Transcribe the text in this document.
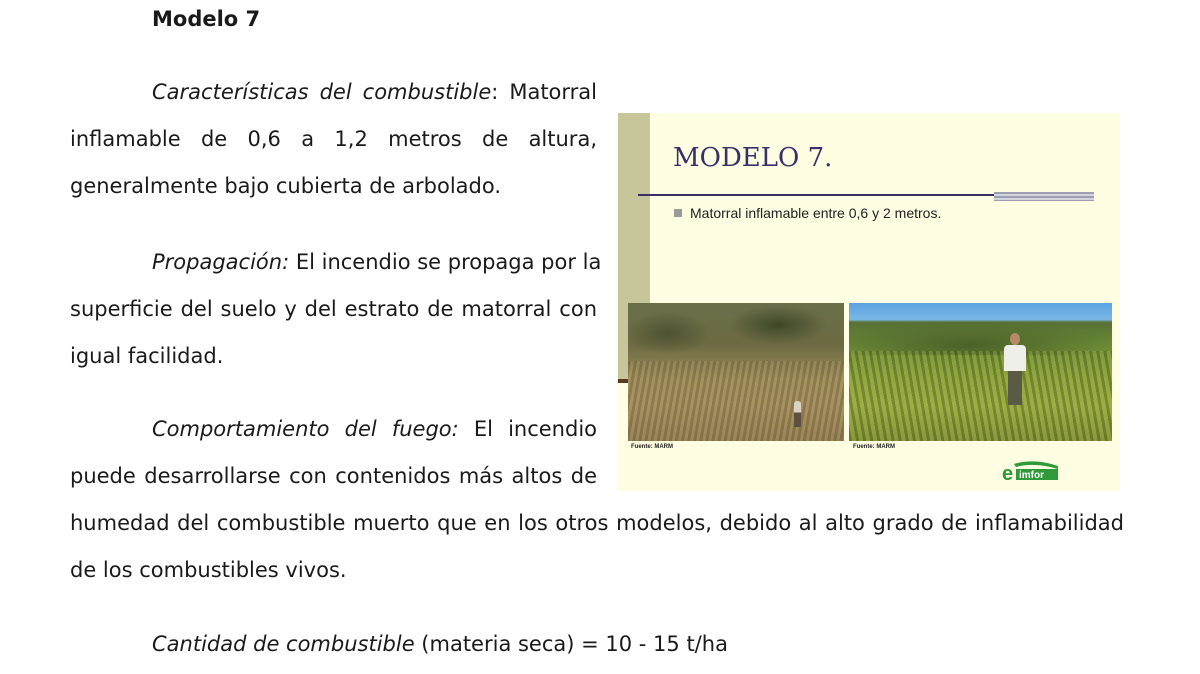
Modelo 7
Características del combustible: Matorral
inflamable de 0,6 a 1,2 metros de altura,
generalmente bajo cubierta de arbolado.
Propagación: El incendio se propaga por la
superficie del suelo y del estrato de matorral con
igual facilidad.
Comportamiento del fuego: El incendio
puede desarrollarse con contenidos más altos de
humedad del combustible muerto que en los otros modelos, debido al alto grado de inflamabilidad
de los combustibles vivos.
Cantidad de combustible (materia seca) = 10 - 15 t/ha
MODELO 7.
Matorral inflamable entre 0,6 y 2 metros.
Fuente: MARM	Fuente: MARM
e imfor
